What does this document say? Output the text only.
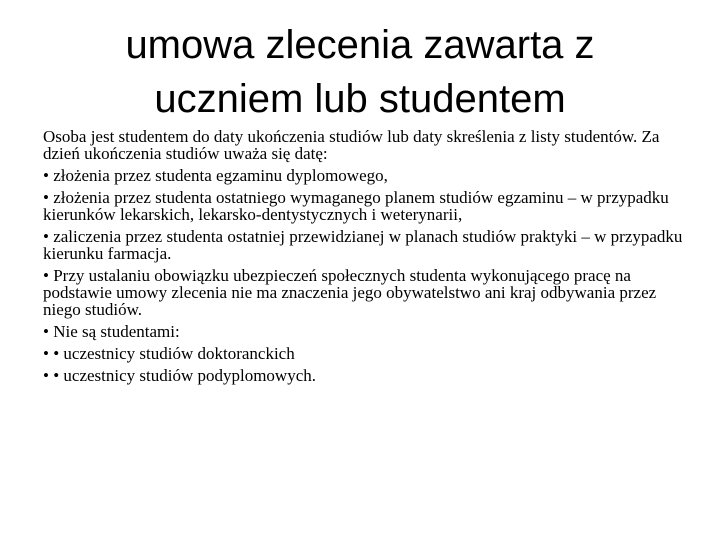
umowa zlecenia zawarta z
uczniem lub studentem

Osoba jest studentem do daty ukończenia studiów lub daty skreślenia z listy studentów. Za dzień ukończenia studiów uważa się datę:

• złożenia przez studenta egzaminu dyplomowego,

• złożenia przez studenta ostatniego wymaganego planem studiów egzaminu – w przypadku kierunków lekarskich, lekarsko-dentystycznych i weterynarii,

• zaliczenia przez studenta ostatniej przewidzianej w planach studiów praktyki – w przypadku kierunku farmacja.

• Przy ustalaniu obowiązku ubezpieczeń społecznych studenta wykonującego pracę na podstawie umowy zlecenia nie ma znaczenia jego obywatelstwo ani kraj odbywania przez niego studiów.

• Nie są studentami:

• • uczestnicy studiów doktoranckich

• • uczestnicy studiów podyplomowych.
